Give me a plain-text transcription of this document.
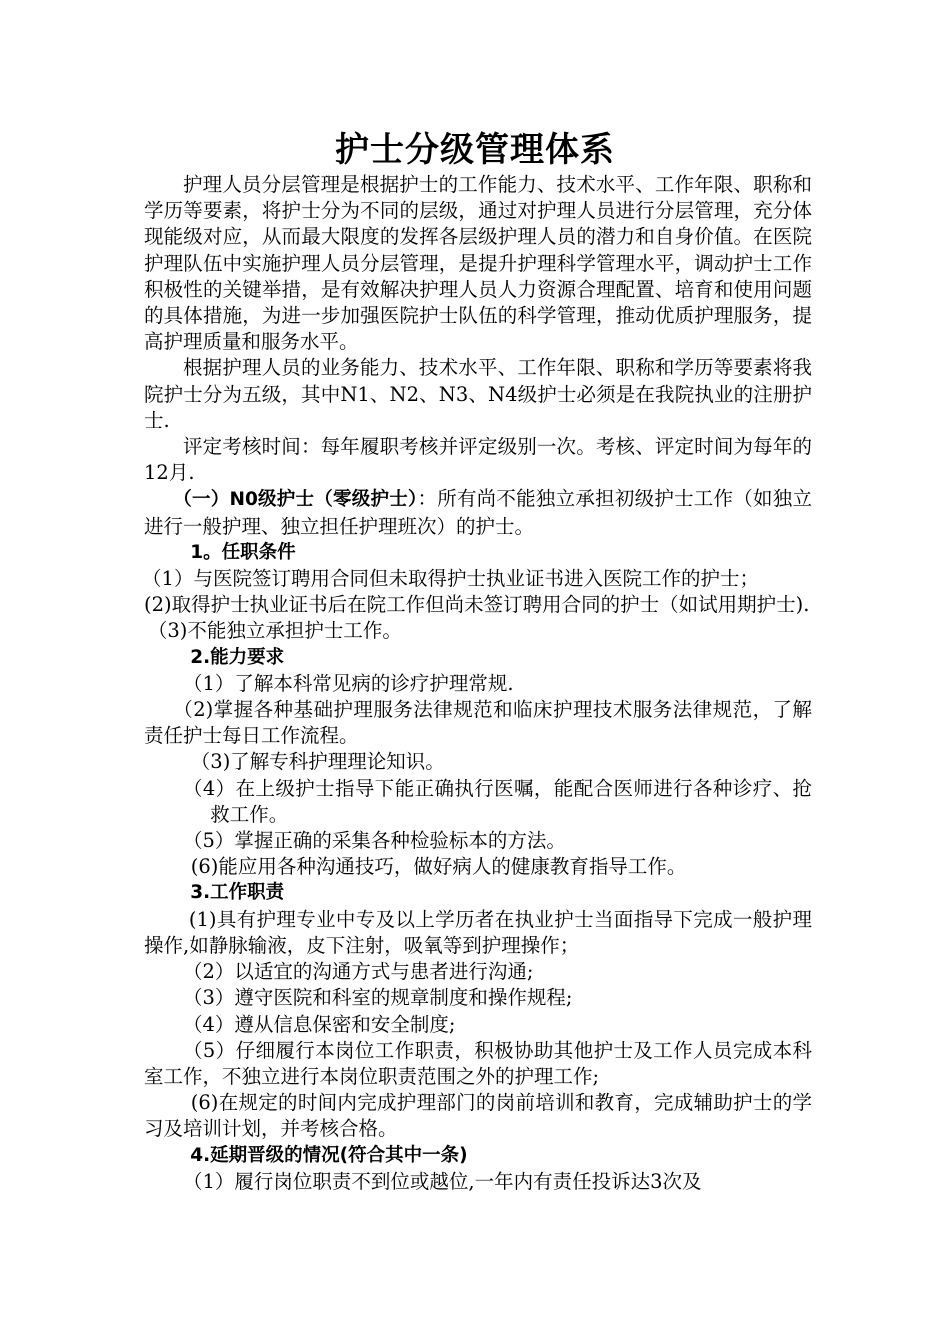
护士分级管理体系

护理人员分层管理是根据护士的工作能力、技术水平、工作年限、职称和学历等要素，将护士分为不同的层级，通过对护理人员进行分层管理，充分体现能级对应，从而最大限度的发挥各层级护理人员的潜力和自身价值。在医院护理队伍中实施护理人员分层管理，是提升护理科学管理水平，调动护士工作积极性的关键举措，是有效解决护理人员人力资源合理配置、培育和使用问题的具体措施，为进一步加强医院护士队伍的科学管理，推动优质护理服务，提高护理质量和服务水平。

根据护理人员的业务能力、技术水平、工作年限、职称和学历等要素将我院护士分为五级，其中N1、N2、N3、N4级护士必须是在我院执业的注册护士.

评定考核时间：每年履职考核并评定级别一次。考核、评定时间为每年的12月.

（一）N0级护士（零级护士）：所有尚不能独立承担初级护士工作（如独立进行一般护理、独立担任护理班次）的护士。

1。任职条件

（1）与医院签订聘用合同但未取得护士执业证书进入医院工作的护士；

(2)取得护士执业证书后在院工作但尚未签订聘用合同的护士（如试用期护士).

（3)不能独立承担护士工作。

2.能力要求

（1）了解本科常见病的诊疗护理常规.

（2)掌握各种基础护理服务法律规范和临床护理技术服务法律规范，了解责任护士每日工作流程。

（3)了解专科护理理论知识。

（4）在上级护士指导下能正确执行医嘱，能配合医师进行各种诊疗、抢救工作。

（5）掌握正确的采集各种检验标本的方法。

(6)能应用各种沟通技巧，做好病人的健康教育指导工作。

3.工作职责

(1)具有护理专业中专及以上学历者在执业护士当面指导下完成一般护理操作,如静脉输液，皮下注射，吸氧等到护理操作；

（2）以适宜的沟通方式与患者进行沟通;

（3）遵守医院和科室的规章制度和操作规程;

（4）遵从信息保密和安全制度;

（5）仔细履行本岗位工作职责，积极协助其他护士及工作人员完成本科室工作，不独立进行本岗位职责范围之外的护理工作;

(6)在规定的时间内完成护理部门的岗前培训和教育，完成辅助护士的学习及培训计划，并考核合格。

4.延期晋级的情况(符合其中一条)

（1）履行岗位职责不到位或越位,一年内有责任投诉达3次及
